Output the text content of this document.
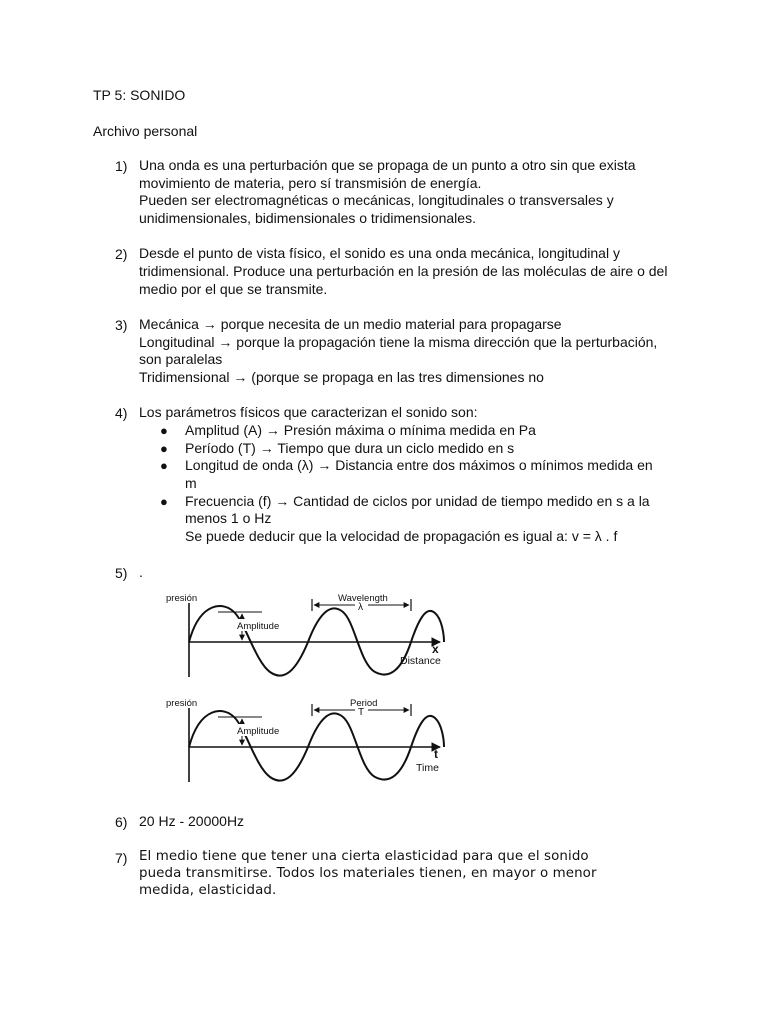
TP 5: SONIDO
Archivo personal
1) Una onda es una perturbación que se propaga de un punto a otro sin que exista
movimiento de materia, pero sí transmisión de energía.
Pueden ser electromagnéticas o mecánicas, longitudinales o transversales y
unidimensionales, bidimensionales o tridimensionales.
2) Desde el punto de vista físico, el sonido es una onda mecánica, longitudinal y
tridimensional. Produce una perturbación en la presión de las moléculas de aire o del
medio por el que se transmite.
3) Mecánica → porque necesita de un medio material para propagarse
Longitudinal → porque la propagación tiene la misma dirección que la perturbación,
son paralelas
Tridimensional → (porque se propaga en las tres dimensiones no
4) Los parámetros físicos que caracterizan el sonido son:
● Amplitud (A) → Presión máxima o mínima medida en Pa
● Período (T) → Tiempo que dura un ciclo medido en s
● Longitud de onda (λ) → Distancia entre dos máximos o mínimos medida en
m
● Frecuencia (f) → Cantidad de ciclos por unidad de tiempo medido en s a la
menos 1 o Hz
Se puede deducir que la velocidad de propagación es igual a: v = λ . f
5) .
Amplitude
presión	Wavelength
λ
x
Distance
Amplitude
presión	Period
T
t
Time
6) 20 Hz - 20000Hz
7) El medio tiene que tener una cierta elasticidad para que el sonido
pueda transmitirse. Todos los materiales tienen, en mayor o menor
medida, elasticidad.
